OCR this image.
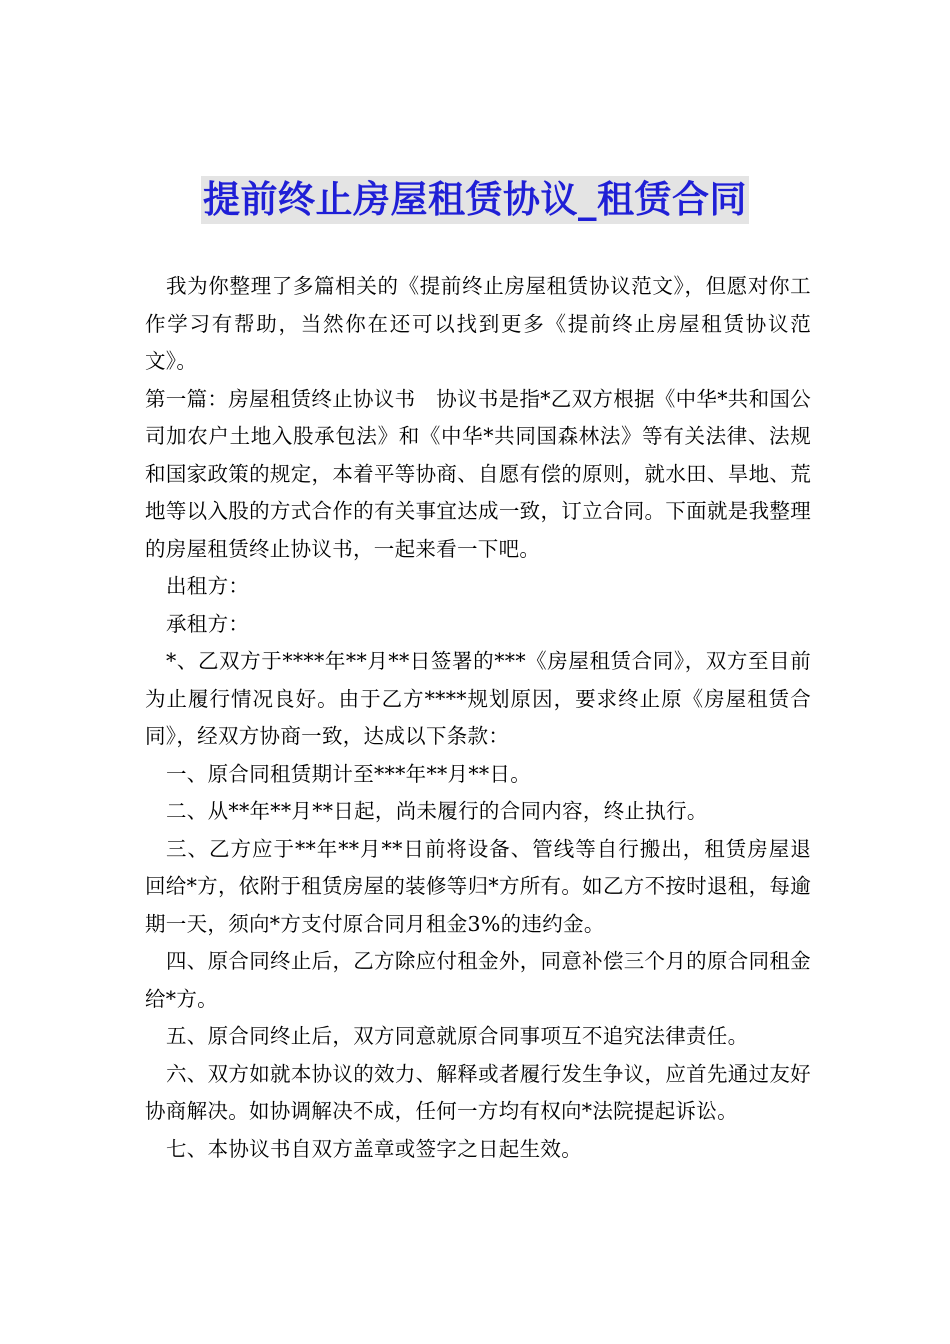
提前终止房屋租赁协议_租赁合同

我为你整理了多篇相关的《提前终止房屋租赁协议范文》，但愿对你工作学习有帮助，当然你在还可以找到更多《提前终止房屋租赁协议范文》。

第一篇：房屋租赁终止协议书　协议书是指*乙双方根据《中华*共和国公司加农户土地入股承包法》和《中华*共同国森林法》等有关法律、法规和国家政策的规定，本着平等协商、自愿有偿的原则，就水田、旱地、荒地等以入股的方式合作的有关事宜达成一致，订立合同。下面就是我整理的房屋租赁终止协议书，一起来看一下吧。

出租方：

承租方：

*、乙双方于****年**月**日签署的***《房屋租赁合同》，双方至目前为止履行情况良好。由于乙方****规划原因，要求终止原《房屋租赁合同》，经双方协商一致，达成以下条款：

一、原合同租赁期计至***年**月**日。

二、从**年**月**日起，尚未履行的合同内容，终止执行。

三、乙方应于**年**月**日前将设备、管线等自行搬出，租赁房屋退回给*方，依附于租赁房屋的装修等归*方所有。如乙方不按时退租，每逾期一天，须向*方支付原合同月租金3%的违约金。

四、原合同终止后，乙方除应付租金外，同意补偿三个月的原合同租金给*方。

五、原合同终止后，双方同意就原合同事项互不追究法律责任。

六、双方如就本协议的效力、解释或者履行发生争议，应首先通过友好协商解决。如协调解决不成，任何一方均有权向*法院提起诉讼。

七、本协议书自双方盖章或签字之日起生效。
